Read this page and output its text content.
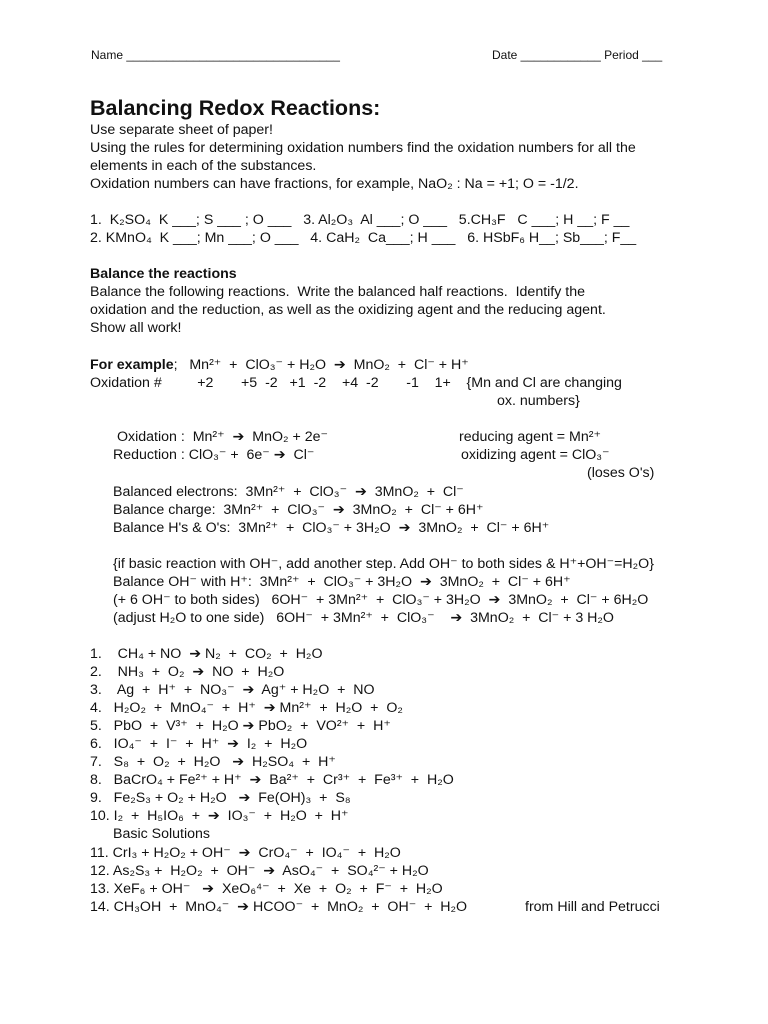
Name ________________________________	Date ____________ Period ___
Balancing Redox Reactions:
Use separate sheet of paper!
Using the rules for determining oxidation numbers find the oxidation numbers for all the
elements in each of the substances.
Oxidation numbers can have fractions, for example, NaO₂ : Na = +1; O = -1/2.
1.  K₂SO₄  K ___; S ___ ; O ___   3. Al₂O₃  Al ___; O ___   5.CH₃F   C ___; H __; F __
2. KMnO₄  K ___; Mn ___; O ___   4. CaH₂  Ca___; H ___   6. HSbF₆ H__; Sb___; F__
Balance the reactions
Balance the following reactions.  Write the balanced half reactions.  Identify the
oxidation and the reduction, as well as the oxidizing agent and the reducing agent.
Show all work!
For example;   Mn²⁺  +  ClO₃⁻ + H₂O  ➔  MnO₂  +  Cl⁻ + H⁺
Oxidation #         +2       +5  -2   +1  -2    +4  -2       -1    1+    {Mn and Cl are changing
ox. numbers}
Oxidation :  Mn²⁺  ➔  MnO₂ + 2e⁻	reducing agent = Mn²⁺
Reduction : ClO₃⁻ +  6e⁻ ➔  Cl⁻	oxidizing agent = ClO₃⁻
(loses O's)
Balanced electrons:  3Mn²⁺  +  ClO₃⁻  ➔  3MnO₂  +  Cl⁻
Balance charge:  3Mn²⁺  +  ClO₃⁻  ➔  3MnO₂  +  Cl⁻ + 6H⁺
Balance H's & O's:  3Mn²⁺  +  ClO₃⁻ + 3H₂O  ➔  3MnO₂  +  Cl⁻ + 6H⁺
{if basic reaction with OH⁻, add another step. Add OH⁻ to both sides & H⁺+OH⁻=H₂O}
Balance OH⁻ with H⁺:  3Mn²⁺  +  ClO₃⁻ + 3H₂O  ➔  3MnO₂  +  Cl⁻ + 6H⁺
(+ 6 OH⁻ to both sides)   6OH⁻  + 3Mn²⁺  +  ClO₃⁻ + 3H₂O  ➔  3MnO₂  +  Cl⁻ + 6H₂O
(adjust H₂O to one side)   6OH⁻  + 3Mn²⁺  +  ClO₃⁻    ➔  3MnO₂  +  Cl⁻ + 3 H₂O
1.    CH₄ + NO  ➔ N₂  +  CO₂  +  H₂O
2.    NH₃  +  O₂  ➔  NO  +  H₂O
3.    Ag  +  H⁺  +  NO₃⁻  ➔  Ag⁺ + H₂O  +  NO
4.   H₂O₂  +  MnO₄⁻  +  H⁺  ➔ Mn²⁺  +  H₂O  +  O₂
5.   PbO  +  V³⁺  +  H₂O ➔ PbO₂  +  VO²⁺  +  H⁺
6.   IO₄⁻  +  I⁻  +  H⁺  ➔  I₂  +  H₂O
7.   S₈  +  O₂  +  H₂O   ➔  H₂SO₄  +  H⁺
8.   BaCrO₄ + Fe²⁺ + H⁺  ➔  Ba²⁺  +  Cr³⁺  +  Fe³⁺  +  H₂O
9.   Fe₂S₃ + O₂ + H₂O   ➔  Fe(OH)₃  +  S₈
10. I₂  +  H₅IO₆  +  ➔  IO₃⁻  +  H₂O  +  H⁺
Basic Solutions
11. CrI₃ + H₂O₂ + OH⁻  ➔  CrO₄⁻  +  IO₄⁻  +  H₂O
12. As₂S₃ +  H₂O₂  +  OH⁻  ➔  AsO₄⁻  +  SO₄²⁻ + H₂O
13. XeF₆ + OH⁻   ➔  XeO₆⁴⁻  +  Xe  +  O₂  +  F⁻  +  H₂O
14. CH₃OH  +  MnO₄⁻  ➔ HCOO⁻  +  MnO₂  +  OH⁻  +  H₂O	from Hill and Petrucci
